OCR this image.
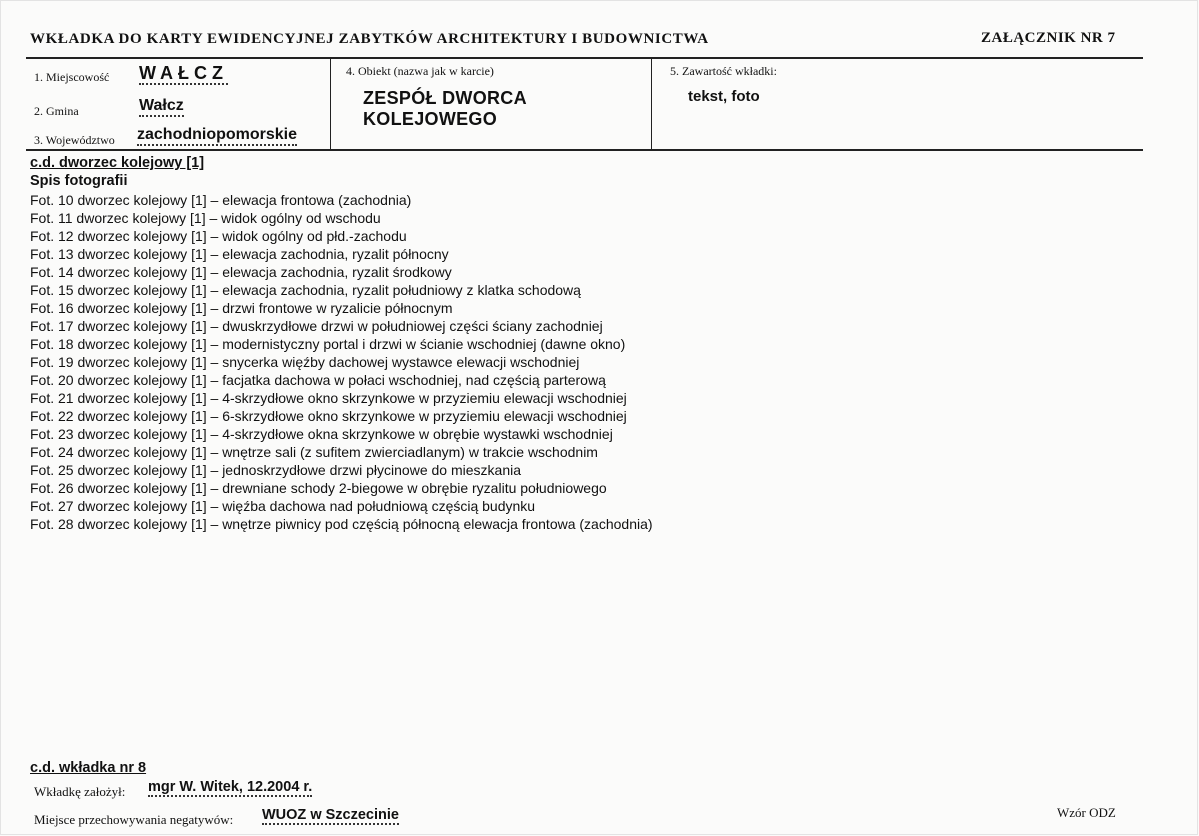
WKŁADKA DO KARTY EWIDENCYJNEJ ZABYTKÓW ARCHITEKTURY I BUDOWNICTWA	ZAŁĄCZNIK NR 7
1. Miejscowość WAŁCZ
2. Gmina	Wałcz
3. Województwo zachodniopomorskie
4. Obiekt (nazwa jak w karcie)
ZESPÓŁ DWORCA
KOLEJOWEGO
5. Zawartość wkładki:
tekst, foto
c.d. dworzec kolejowy [1]
Spis fotografii
Fot. 10 dworzec kolejowy [1] – elewacja frontowa (zachodnia)
Fot. 11 dworzec kolejowy [1] – widok ogólny od wschodu
Fot. 12 dworzec kolejowy [1] – widok ogólny od płd.-zachodu
Fot. 13 dworzec kolejowy [1] – elewacja zachodnia, ryzalit północny
Fot. 14 dworzec kolejowy [1] – elewacja zachodnia, ryzalit środkowy
Fot. 15 dworzec kolejowy [1] – elewacja zachodnia, ryzalit południowy z klatka schodową
Fot. 16 dworzec kolejowy [1] – drzwi frontowe w ryzalicie północnym
Fot. 17 dworzec kolejowy [1] – dwuskrzydłowe drzwi w południowej części ściany zachodniej
Fot. 18 dworzec kolejowy [1] – modernistyczny portal i drzwi w ścianie wschodniej (dawne okno)
Fot. 19 dworzec kolejowy [1] – snycerka więźby dachowej wystawce elewacji wschodniej
Fot. 20 dworzec kolejowy [1] – facjatka dachowa w połaci wschodniej, nad częścią parterową
Fot. 21 dworzec kolejowy [1] – 4-skrzydłowe okno skrzynkowe w przyziemiu elewacji wschodniej
Fot. 22 dworzec kolejowy [1] – 6-skrzydłowe okno skrzynkowe w przyziemiu elewacji wschodniej
Fot. 23 dworzec kolejowy [1] – 4-skrzydłowe okna skrzynkowe w obrębie wystawki wschodniej
Fot. 24 dworzec kolejowy [1] – wnętrze sali (z sufitem zwierciadlanym) w trakcie wschodnim
Fot. 25 dworzec kolejowy [1] – jednoskrzydłowe drzwi płycinowe do mieszkania
Fot. 26 dworzec kolejowy [1] – drewniane schody 2-biegowe w obrębie ryzalitu południowego
Fot. 27 dworzec kolejowy [1] – więźba dachowa nad południową częścią budynku
Fot. 28 dworzec kolejowy [1] – wnętrze piwnicy pod częścią północną elewacja frontowa (zachodnia)
c.d. wkładka nr 8
Wkładkę założył: mgr W. Witek, 12.2004 r.
Miejsce przechowywania negatywów: WUOZ w Szczecinie	Wzór ODZ
